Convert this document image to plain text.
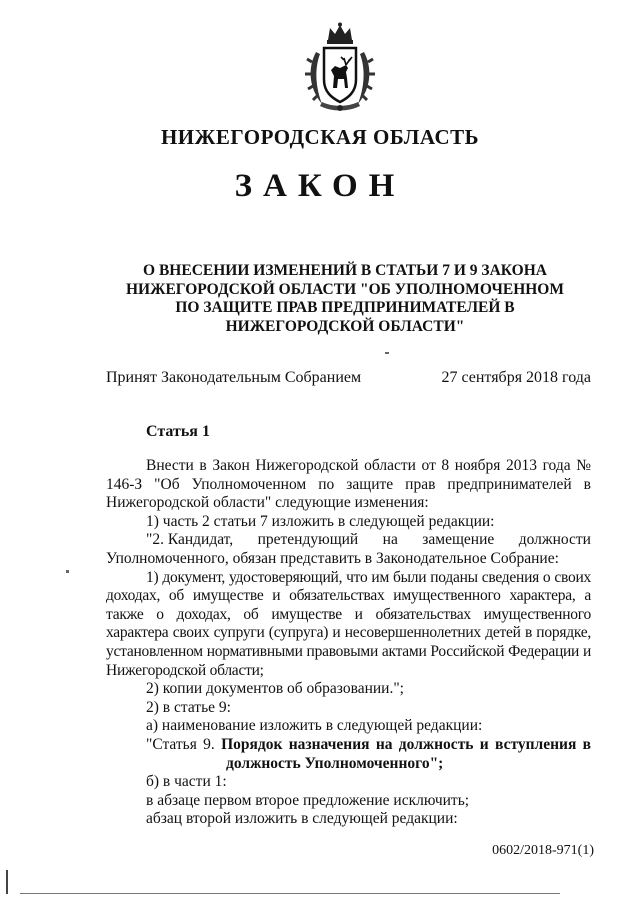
НИЖЕГОРОДСКАЯ ОБЛАСТЬ
ЗАКОН
О ВНЕСЕНИИ ИЗМЕНЕНИЙ В СТАТЬИ 7 И 9 ЗАКОНА НИЖЕГОРОДСКОЙ ОБЛАСТИ "ОБ УПОЛНОМОЧЕННОМ ПО ЗАЩИТЕ ПРАВ ПРЕДПРИНИМАТЕЛЕЙ В НИЖЕГОРОДСКОЙ ОБЛАСТИ"
Принят Законодательным Собранием	27 сентября 2018 года
Статья 1

Внести в Закон Нижегородской области от 8 ноября 2013 года № 146-З "Об Уполномоченном по защите прав предпринимателей в Нижегородской области" следующие изменения:

1) часть 2 статьи 7 изложить в следующей редакции:

"2. Кандидат, претендующий на замещение должности

Уполномоченного, обязан представить в Законодательное Собрание:

1) документ, удостоверяющий, что им были поданы сведения о своих доходах, об имуществе и обязательствах имущественного характера, а также о доходах, об имуществе и обязательствах имущественного характера своих супруги (супруга) и несовершеннолетних детей в порядке, установленном нормативными правовыми актами Российской Федерации и Нижегородской области;

2) копии документов об образовании.";

2) в статье 9:

а) наименование изложить в следующей редакции:

"Статья 9. Порядок назначения на должность и вступления в

должность Уполномоченного";

б) в части 1:

в абзаце первом второе предложение исключить;

абзац второй изложить в следующей редакции:

0602/2018-971(1)
